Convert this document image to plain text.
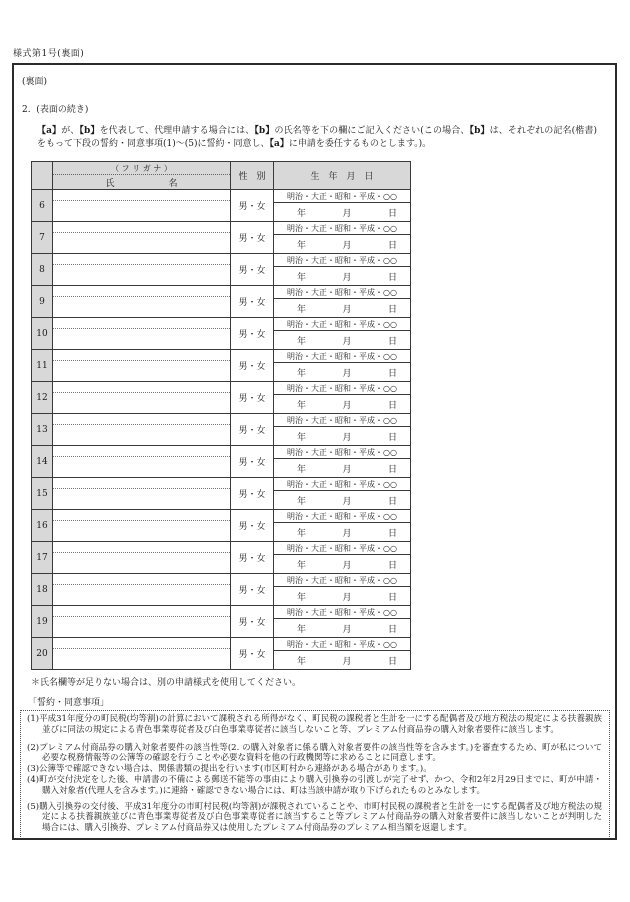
様式第1号(裏面)
(裏面)
2.  (表面の続き)

【a】が、【b】を代表して、代理申請する場合には、【b】の氏名等を下の欄にご記入ください(この場合、【b】は、それぞれの記名(楷書)をもって下段の誓約・同意事項(1)～(5)に誓約・同意し、【a】に申請を委任するものとします。)。

（ フ リ ガ ナ ）
氏　　　　　　名	性　別	生　年　月　日

6		男・女	明治・大正・昭和・平成・○○
年 月 日

7		男・女	明治・大正・昭和・平成・○○
年 月 日

8		男・女	明治・大正・昭和・平成・○○
年 月 日

9		男・女	明治・大正・昭和・平成・○○
年 月 日

10		男・女	明治・大正・昭和・平成・○○
年 月 日

11		男・女	明治・大正・昭和・平成・○○
年 月 日

12		男・女	明治・大正・昭和・平成・○○
年 月 日

13		男・女	明治・大正・昭和・平成・○○
年 月 日

14		男・女	明治・大正・昭和・平成・○○
年 月 日

15		男・女	明治・大正・昭和・平成・○○
年 月 日

16		男・女	明治・大正・昭和・平成・○○
年 月 日

17		男・女	明治・大正・昭和・平成・○○
年 月 日

18		男・女	明治・大正・昭和・平成・○○
年 月 日

19		男・女	明治・大正・昭和・平成・○○
年 月 日

20		男・女	明治・大正・昭和・平成・○○
年 月 日
＊氏名欄等が足りない場合は、別の申請様式を使用してください。
「誓約・同意事項」
(1)平成31年度分の町民税(均等割)の計算において課税される所得がなく、町民税の課税者と生計を一にする配偶者及び地方税法の規定による扶養親族並びに同法の規定による青色事業専従者及び白色事業専従者に該当しないこと等、プレミアム付商品券の購入対象者要件に該当します。
(2)プレミアム付商品券の購入対象者要件の該当性等(2. の購入対象者に係る購入対象者要件の該当性等を含みます。)を審査するため、町が私について必要な税務情報等の公簿等の確認を行うことや必要な資料を他の行政機関等に求めることに同意します。
(3)公簿等で確認できない場合は、関係書類の提出を行います(市区町村から連絡がある場合があります。)。
(4)町が交付決定をした後、申請書の不備による郵送不能等の事由により購入引換券の引渡しが完了せず、かつ、令和2年2月29日までに、町が申請・購入対象者(代理人を含みます。)に連絡・確認できない場合には、町は当該申請が取り下げられたものとみなします。
(5)購入引換券の交付後、平成31年度分の市町村民税(均等割)が課税されていることや、市町村民税の課税者と生計を一にする配偶者及び地方税法の規定による扶養親族並びに青色事業専従者及び白色事業専従者に該当すること等プレミアム付商品券の購入対象者要件に該当しないことが判明した場合には、購入引換券、プレミアム付商品券又は使用したプレミアム付商品券のプレミアム相当額を返還します。
